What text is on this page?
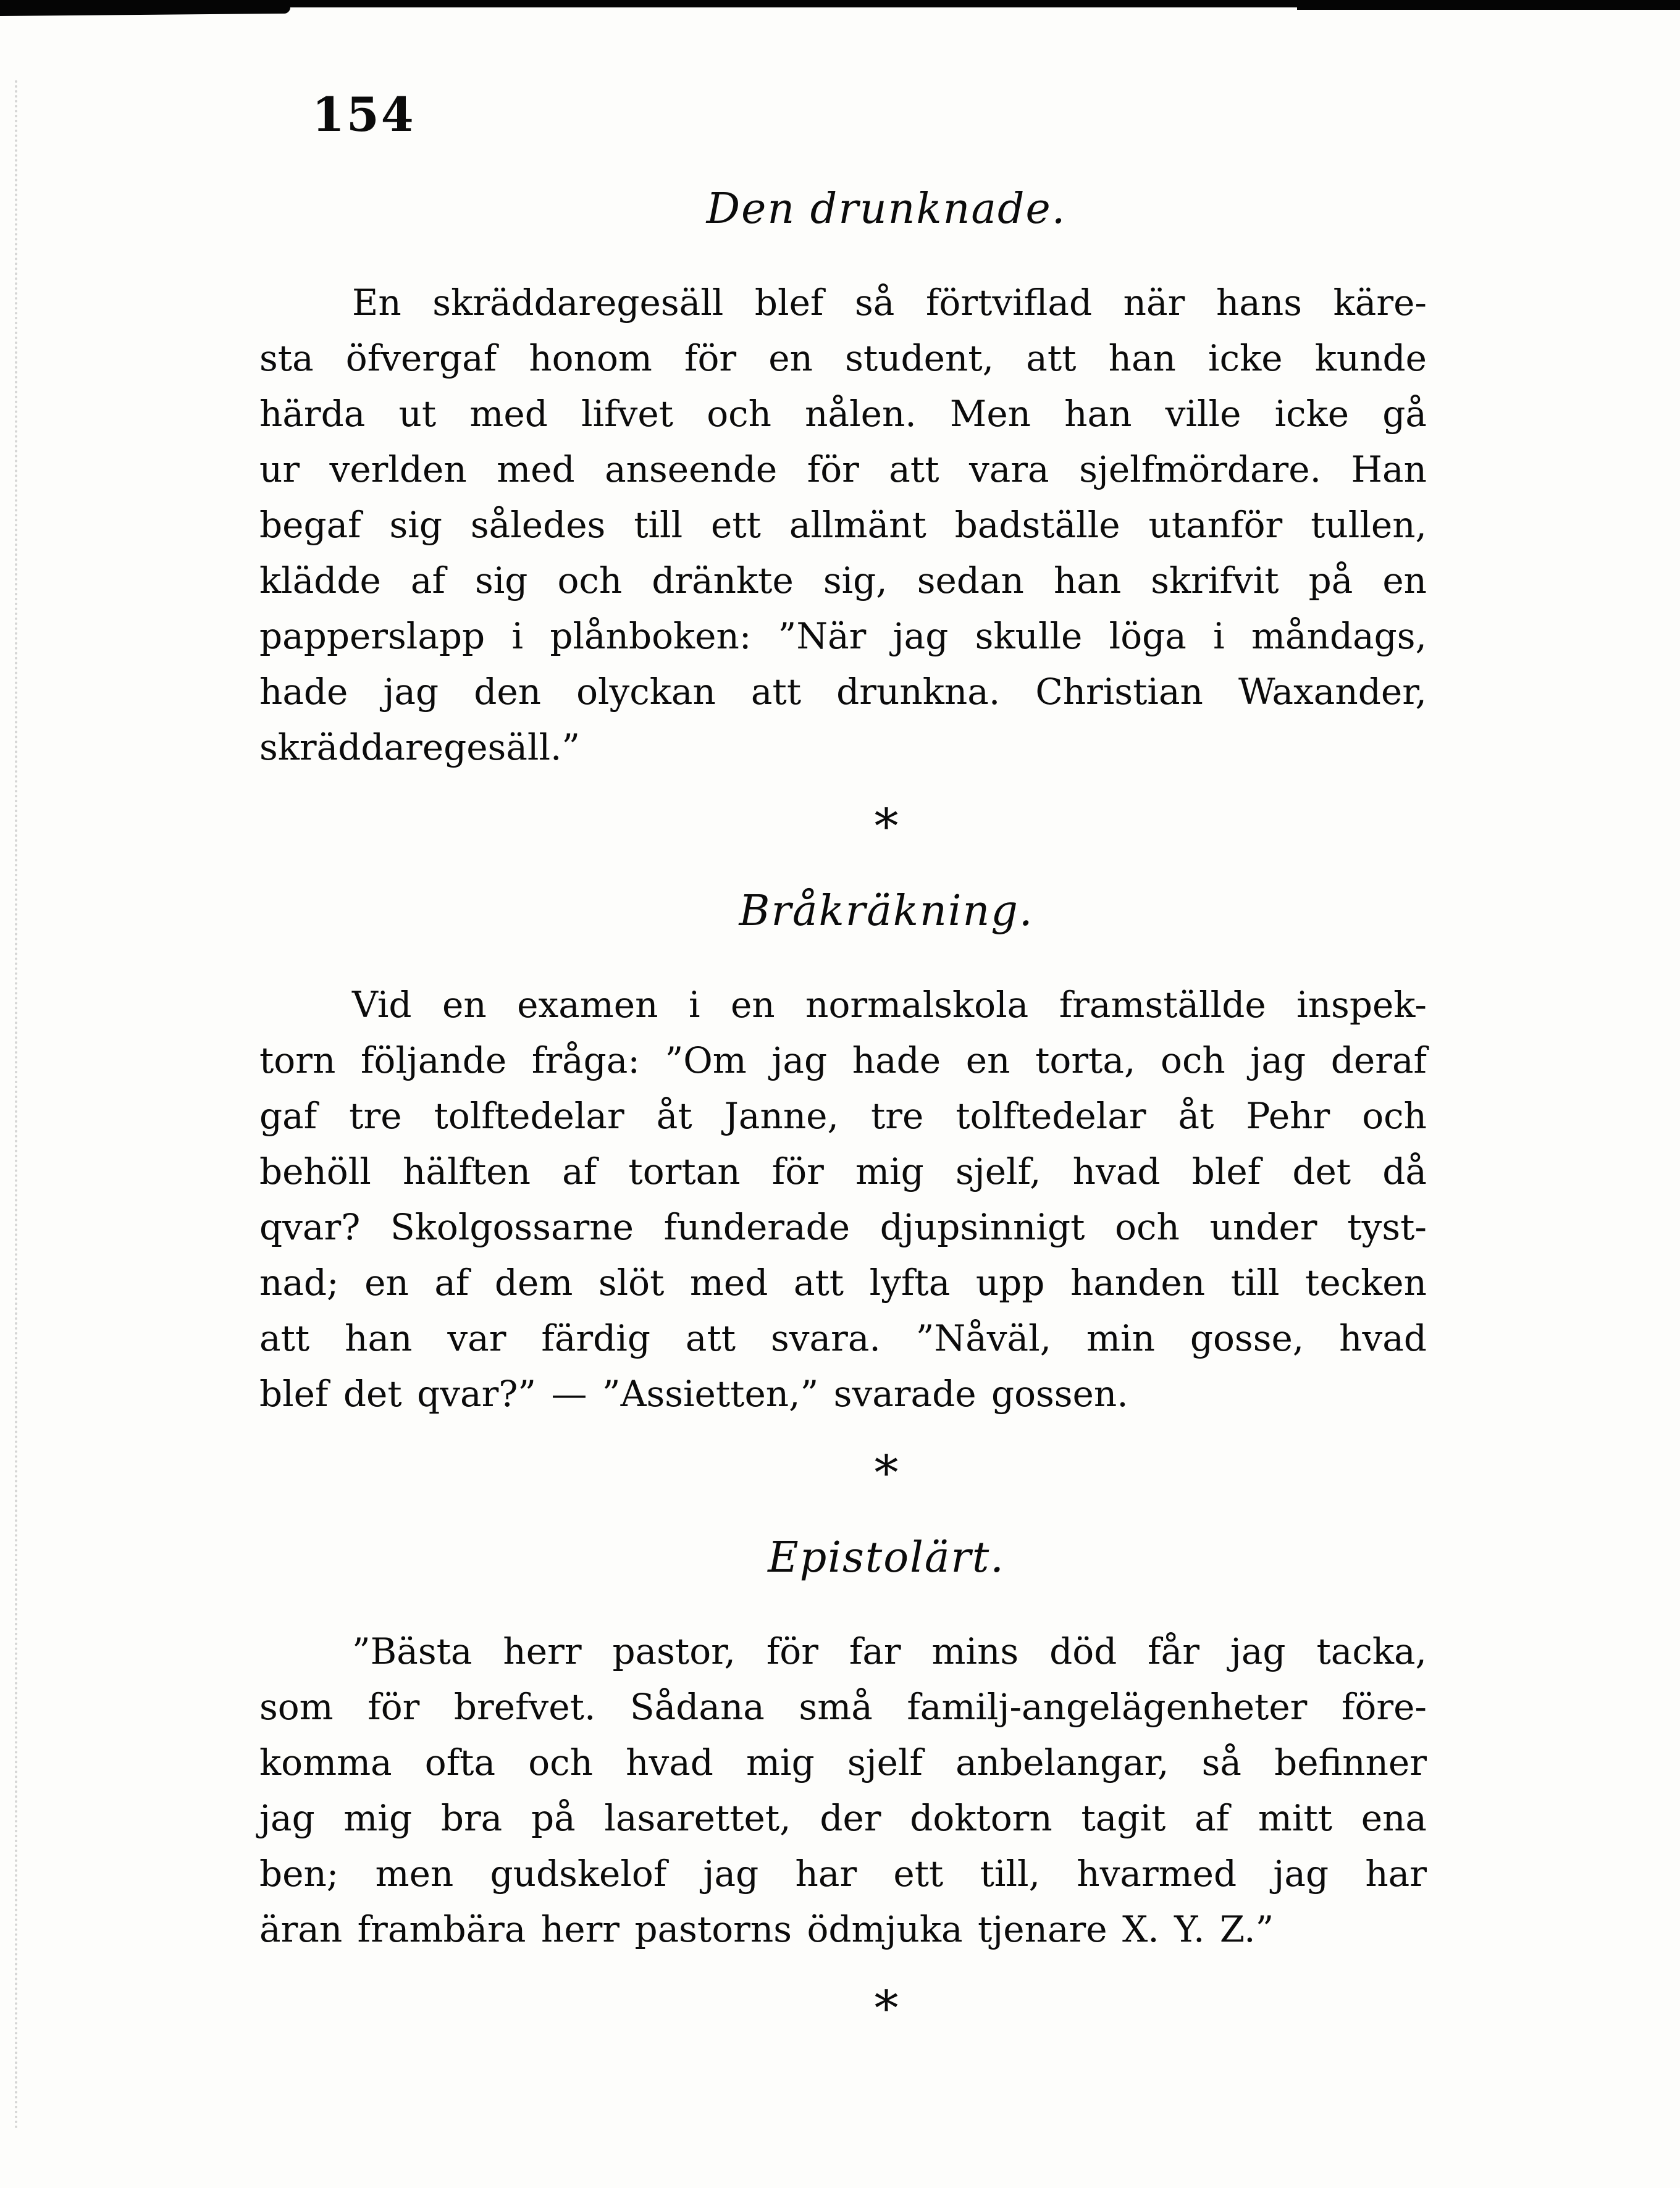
154
Den drunknade.
En skräddaregesäll blef så förtviflad när hans käre-
sta öfvergaf honom för en student, att han icke kunde
härda ut med lifvet och nålen. Men han ville icke gå
ur verlden med anseende för att vara sjelfmördare. Han
begaf sig således till ett allmänt badställe utanför tullen,
klädde af sig och dränkte sig, sedan han skrifvit på en
papperslapp i plånboken: ”När jag skulle löga i måndags,
hade jag den olyckan att drunkna. Christian Waxander,
skräddaregesäll.”
*
Bråkräkning.
Vid en examen i en normalskola framställde inspek-
torn följande fråga: ”Om jag hade en torta, och jag deraf
gaf tre tolftedelar åt Janne, tre tolftedelar åt Pehr och
behöll hälften af tortan för mig sjelf, hvad blef det då
qvar? Skolgossarne funderade djupsinnigt och under tyst-
nad; en af dem slöt med att lyfta upp handen till tecken
att han var färdig att svara. ”Nåväl, min gosse, hvad
blef det qvar?” — ”Assietten,” svarade gossen.
*
Epistolärt.
”Bästa herr pastor, för far mins död får jag tacka,
som för brefvet. Sådana små familj-angelägenheter före-
komma ofta och hvad mig sjelf anbelangar, så befinner
jag mig bra på lasarettet, der doktorn tagit af mitt ena
ben; men gudskelof jag har ett till, hvarmed jag har
äran frambära herr pastorns ödmjuka tjenare X. Y. Z.”
*
